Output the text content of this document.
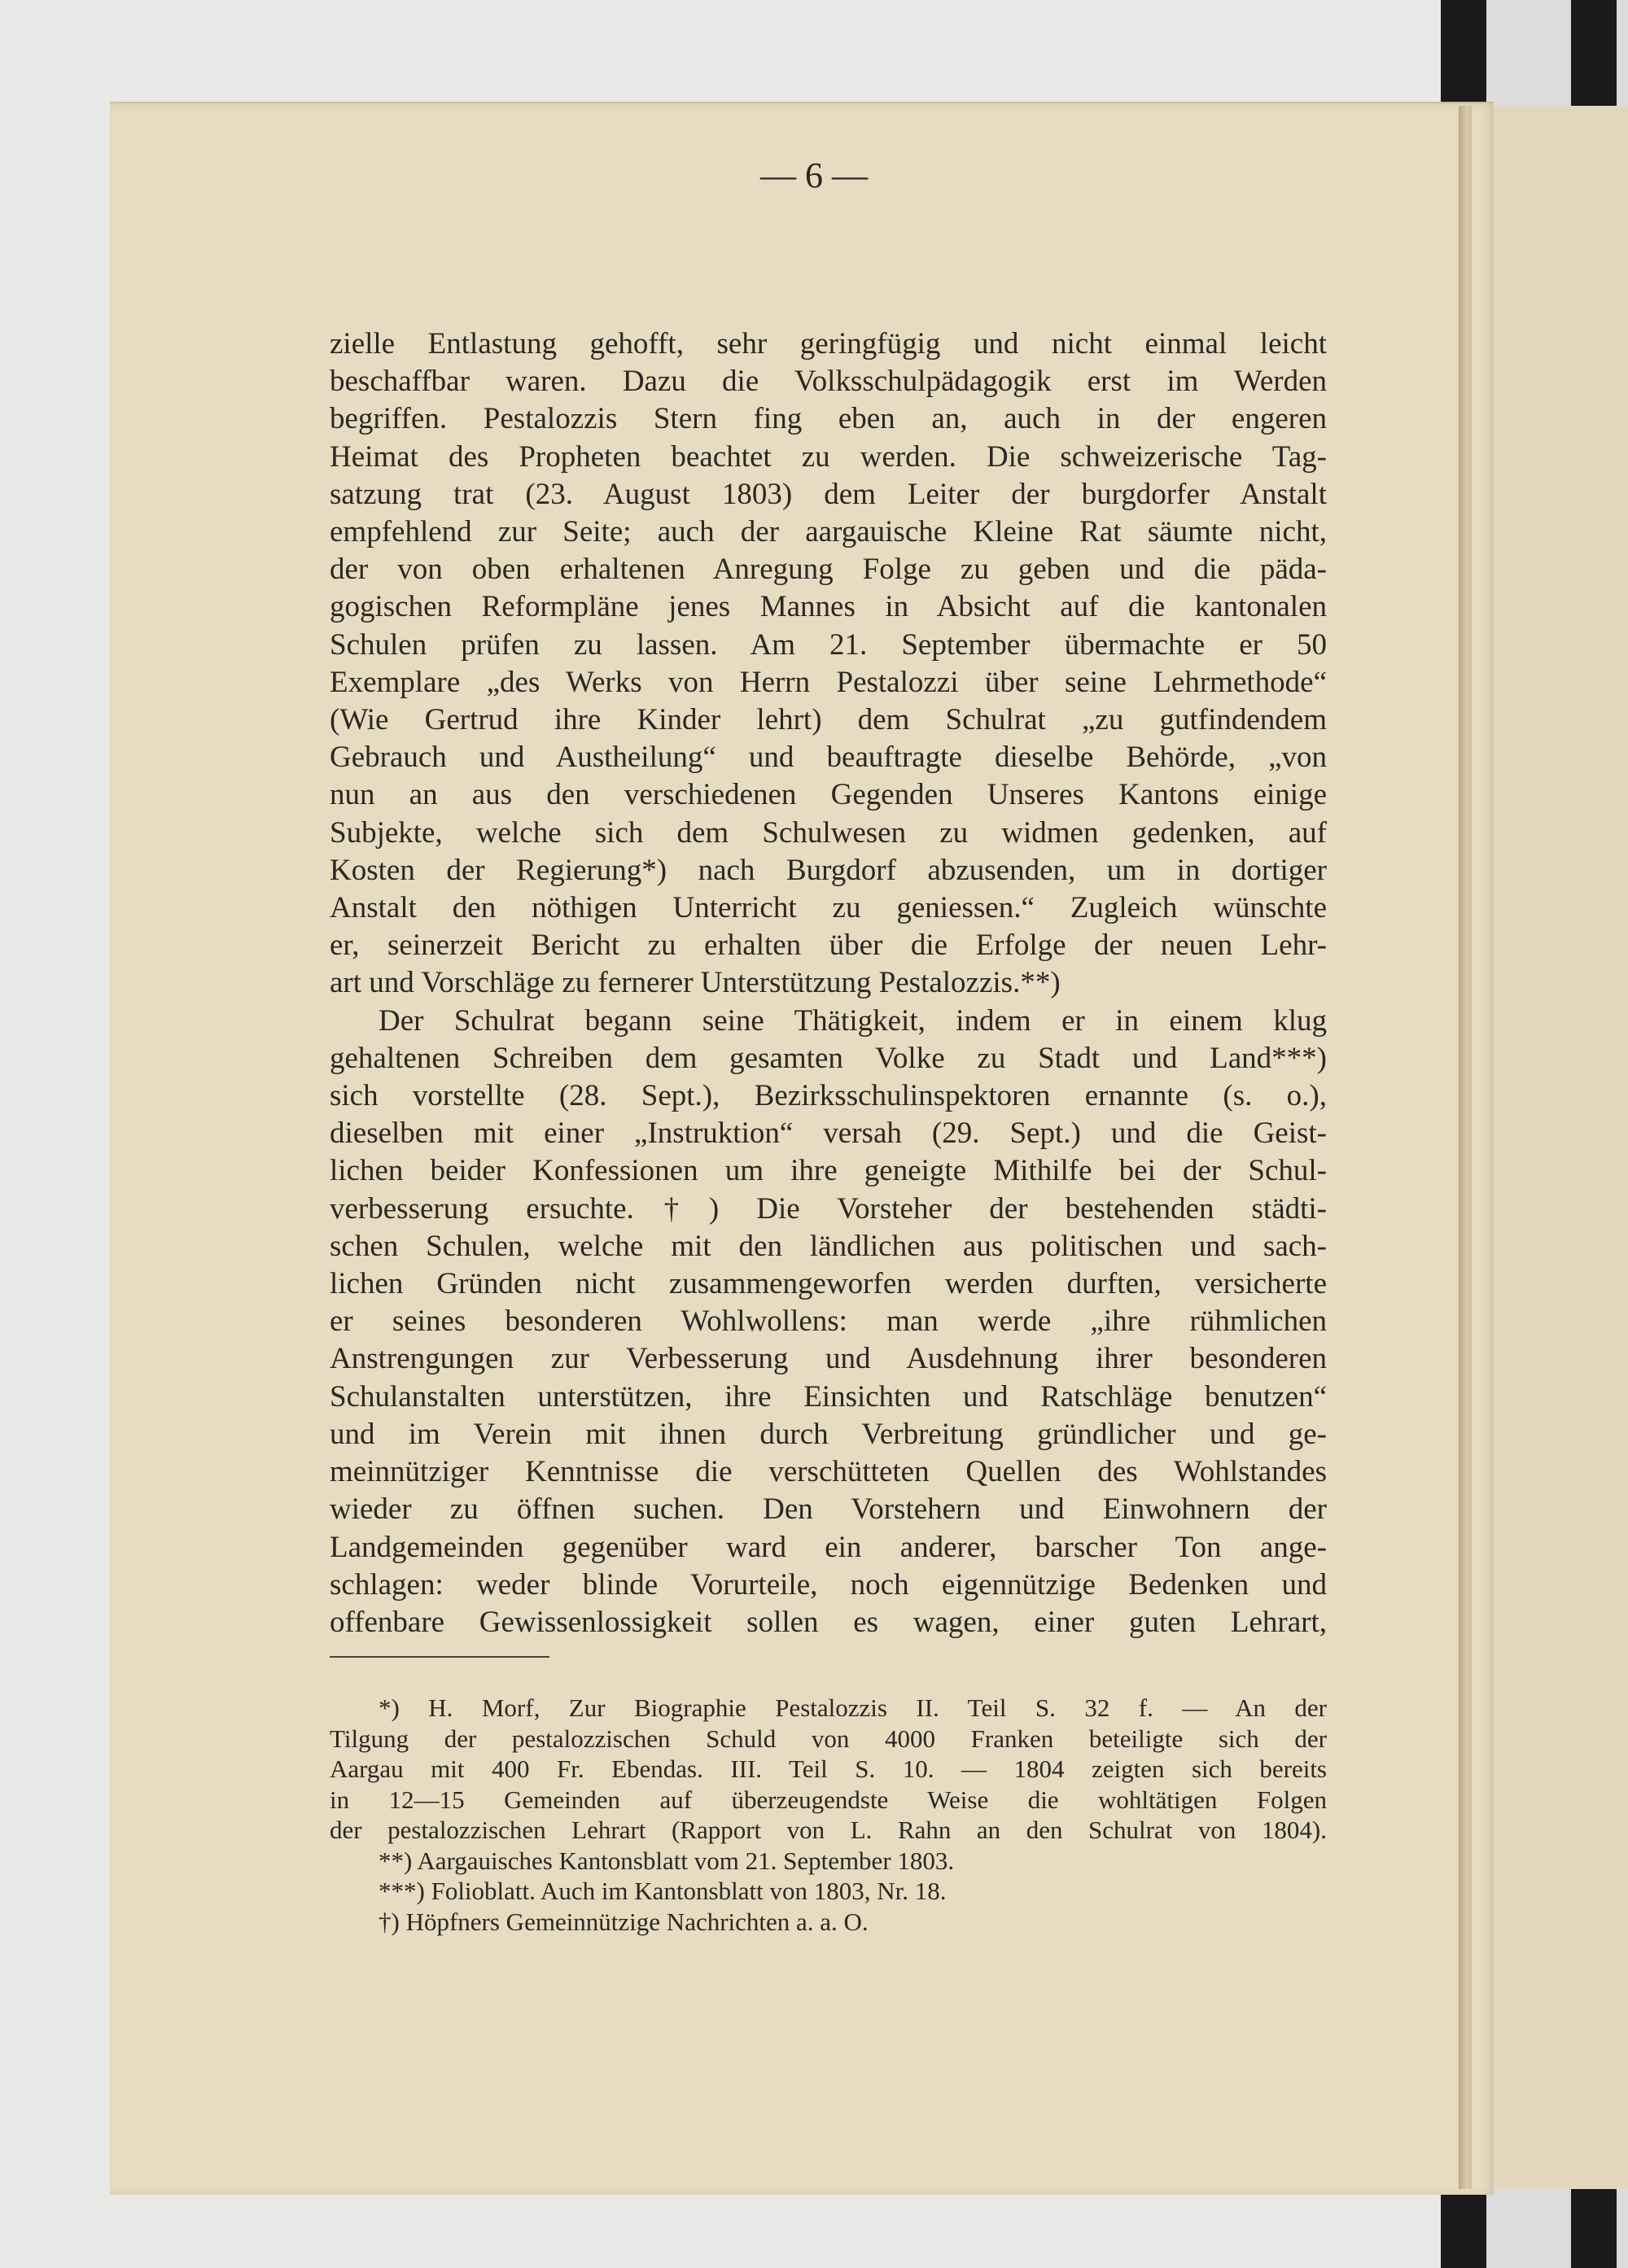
— 6 —
zielle Entlastung gehofft, sehr geringfügig und nicht einmal leicht
beschaffbar waren. Dazu die Volksschulpädagogik erst im Werden
begriffen. Pestalozzis Stern fing eben an, auch in der engeren
Heimat des Propheten beachtet zu werden. Die schweizerische Tag-
satzung trat (23. August 1803) dem Leiter der burgdorfer Anstalt
empfehlend zur Seite; auch der aargauische Kleine Rat säumte nicht,
der von oben erhaltenen Anregung Folge zu geben und die päda-
gogischen Reformpläne jenes Mannes in Absicht auf die kantonalen
Schulen prüfen zu lassen. Am 21. September übermachte er 50
Exemplare „des Werks von Herrn Pestalozzi über seine Lehrmethode“
(Wie Gertrud ihre Kinder lehrt) dem Schulrat „zu gutfindendem
Gebrauch und Austheilung“ und beauftragte dieselbe Behörde, „von
nun an aus den verschiedenen Gegenden Unseres Kantons einige
Subjekte, welche sich dem Schulwesen zu widmen gedenken, auf
Kosten der Regierung*) nach Burgdorf abzusenden, um in dortiger
Anstalt den nöthigen Unterricht zu geniessen.“ Zugleich wünschte
er, seinerzeit Bericht zu erhalten über die Erfolge der neuen Lehr-
art und Vorschläge zu fernerer Unterstützung Pestalozzis.**)
Der Schulrat begann seine Thätigkeit, indem er in einem klug
gehaltenen Schreiben dem gesamten Volke zu Stadt und Land***)
sich vorstellte (28. Sept.), Bezirksschulinspektoren ernannte (s. o.),
dieselben mit einer „Instruktion“ versah (29. Sept.) und die Geist-
lichen beider Konfessionen um ihre geneigte Mithilfe bei der Schul-
verbesserung ersuchte.†) Die Vorsteher der bestehenden städti-
schen Schulen, welche mit den ländlichen aus politischen und sach-
lichen Gründen nicht zusammengeworfen werden durften, versicherte
er seines besonderen Wohlwollens: man werde „ihre rühmlichen
Anstrengungen zur Verbesserung und Ausdehnung ihrer besonderen
Schulanstalten unterstützen, ihre Einsichten und Ratschläge benutzen“
und im Verein mit ihnen durch Verbreitung gründlicher und ge-
meinnütziger Kenntnisse die verschütteten Quellen des Wohlstandes
wieder zu öffnen suchen. Den Vorstehern und Einwohnern der
Landgemeinden gegenüber ward ein anderer, barscher Ton ange-
schlagen: weder blinde Vorurteile, noch eigennützige Bedenken und
offenbare Gewissenlossigkeit sollen es wagen, einer guten Lehrart,
*) H. Morf, Zur Biographie Pestalozzis II. Teil S. 32 f. — An der
Tilgung der pestalozzischen Schuld von 4000 Franken beteiligte sich der
Aargau mit 400 Fr. Ebendas. III. Teil S. 10. — 1804 zeigten sich bereits
in 12—15 Gemeinden auf überzeugendste Weise die wohltätigen Folgen
der pestalozzischen Lehrart (Rapport von L. Rahn an den Schulrat von 1804).
**) Aargauisches Kantonsblatt vom 21. September 1803.
***) Folioblatt. Auch im Kantonsblatt von 1803, Nr. 18.
†) Höpfners Gemeinnützige Nachrichten a. a. O.
